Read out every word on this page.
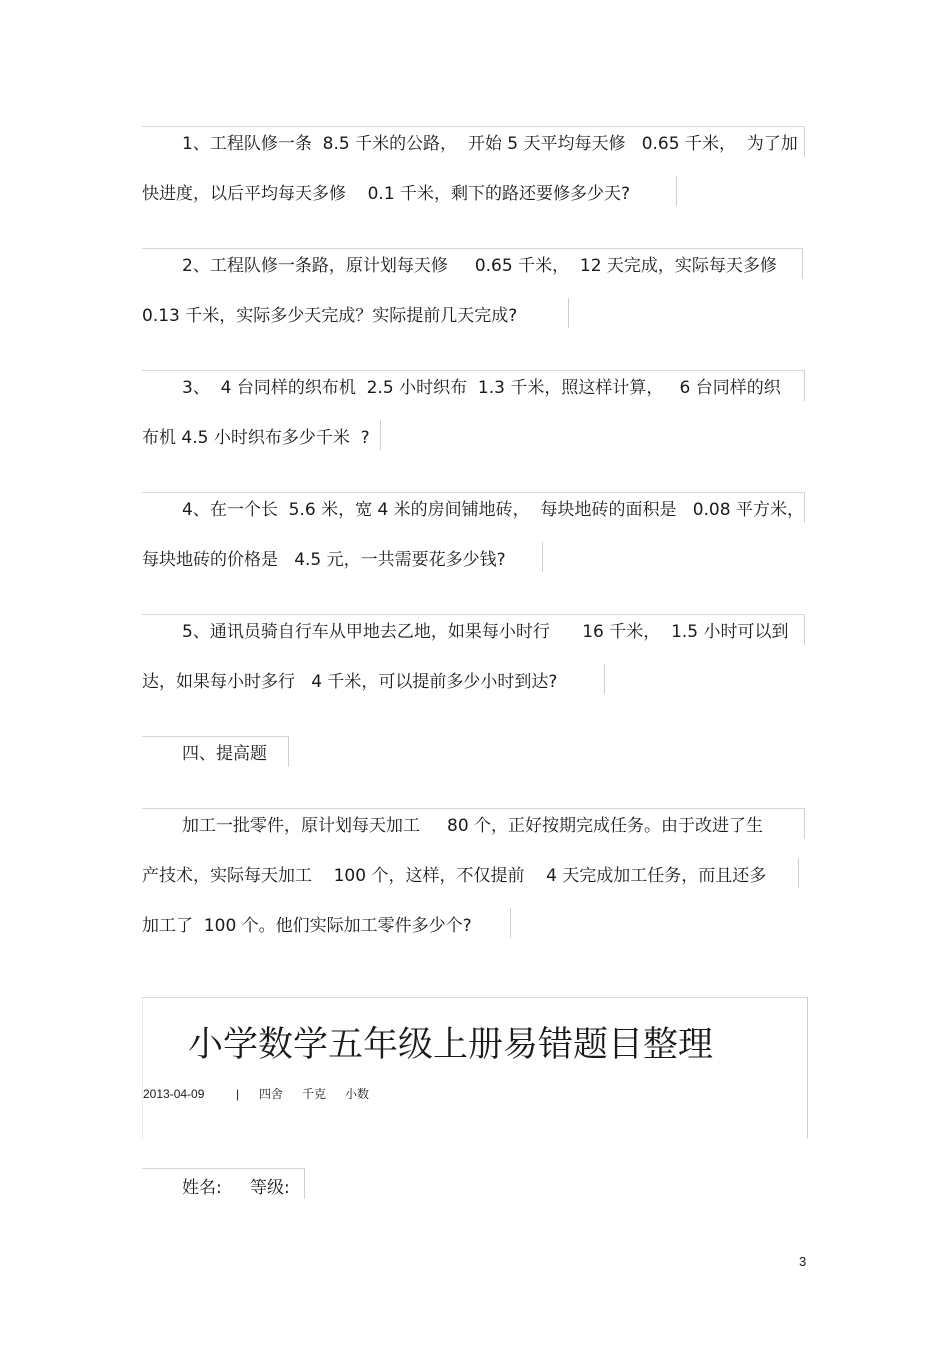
1、工程队修一条  8.5 千米的公路，  开始 5 天平均每天修   0.65 千米，  为了加
快进度，以后平均每天多修    0.1 千米，剩下的路还要修多少天?
2、工程队修一条路，原计划每天修     0.65 千米，  12 天完成，实际每天多修
0.13 千米，实际多少天完成？实际提前几天完成?
3、  4 台同样的织布机  2.5 小时织布  1.3 千米，照这样计算，   6 台同样的织
布机 4.5 小时织布多少千米  ?
4、在一个长  5.6 米，宽 4 米的房间铺地砖，  每块地砖的面积是   0.08 平方米，
每块地砖的价格是   4.5 元，一共需要花多少钱?
5、通讯员骑自行车从甲地去乙地，如果每小时行      16 千米，  1.5 小时可以到
达，如果每小时多行   4 千米，可以提前多少小时到达?
四、提高题
加工一批零件，原计划每天加工     80 个，正好按期完成任务。由于改进了生
产技术，实际每天加工    100 个，这样，不仅提前    4 天完成加工任务，而且还多
加工了  100 个。他们实际加工零件多少个?
小学数学五年级上册易错题目整理
2013-04-09	| 四舍 千克 小数
姓名: 等级:
3
